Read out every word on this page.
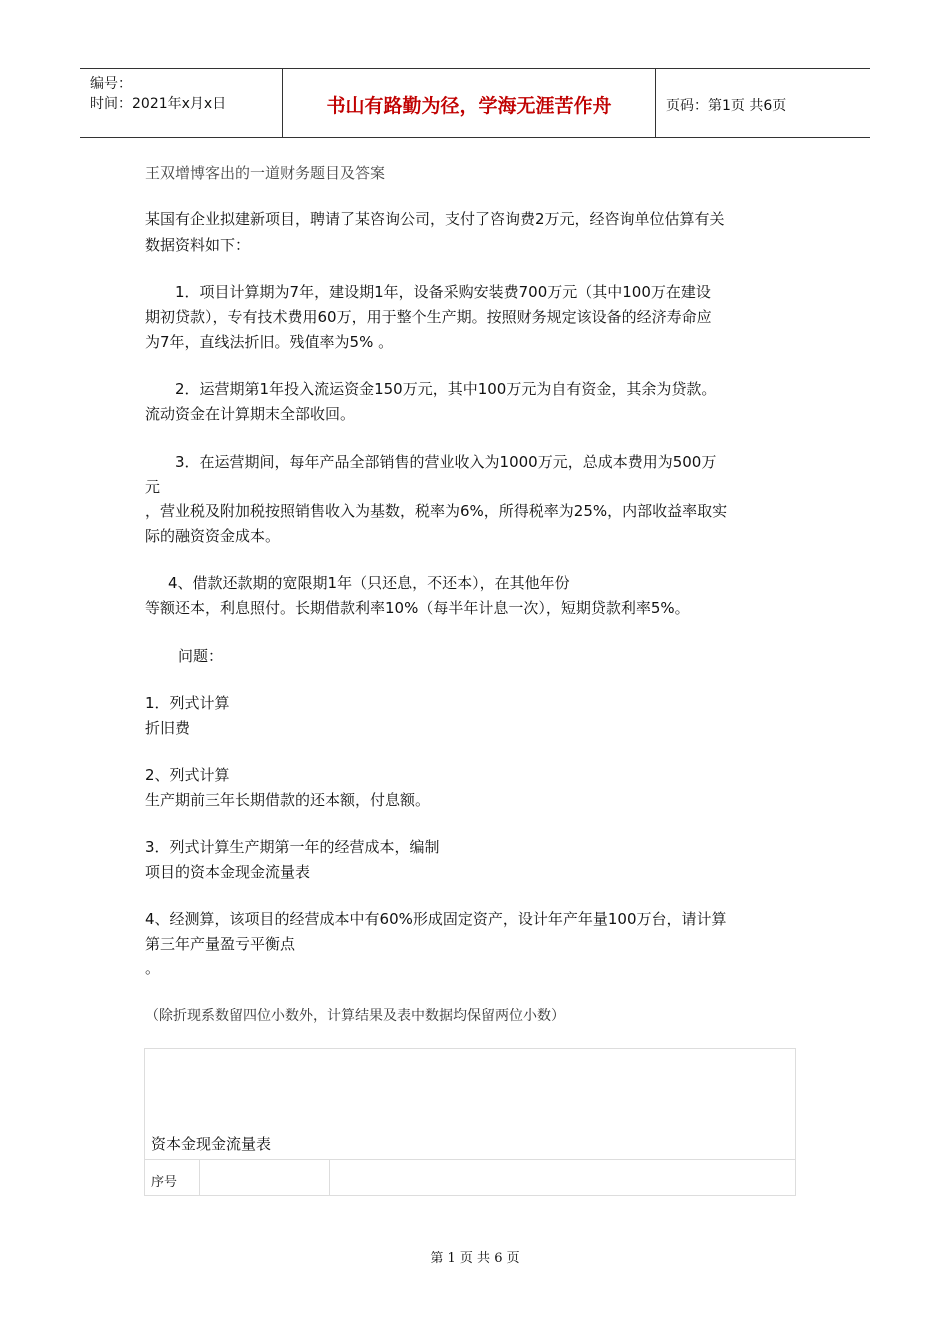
编号：
时间：2021年x月x日	书山有路勤为径，学海无涯苦作舟	页码：第1页 共6页
王双增博客出的一道财务题目及答案
某国有企业拟建新项目，聘请了某咨询公司，支付了咨询费2万元，经咨询单位估算有关
数据资料如下：
1．项目计算期为7年，建设期1年，设备采购安装费700万元（其中100万在建设
期初贷款），专有技术费用60万，用于整个生产期。按照财务规定该设备的经济寿命应
为7年，直线法折旧。残值率为5% 。
2．运营期第1年投入流运资金150万元，其中100万元为自有资金，其余为贷款。
流动资金在计算期末全部收回。
3．在运营期间，每年产品全部销售的营业收入为1000万元，总成本费用为500万
元
，营业税及附加税按照销售收入为基数，税率为6%，所得税率为25%，内部收益率取实
际的融资资金成本。
4、借款还款期的宽限期1年（只还息，不还本），在其他年份
等额还本，利息照付。长期借款利率10%（每半年计息一次），短期贷款利率5%。
问题：
1．列式计算
折旧费
2、列式计算
生产期前三年长期借款的还本额，付息额。
3．列式计算生产期第一年的经营成本，编制
项目的资本金现金流量表
4、经测算，该项目的经营成本中有60%形成固定资产，设计年产年量100万台，请计算
第三年产量盈亏平衡点
。
（除折现系数留四位小数外，计算结果及表中数据均保留两位小数）
资本金现金流量表
序号
第 1 页 共 6 页
